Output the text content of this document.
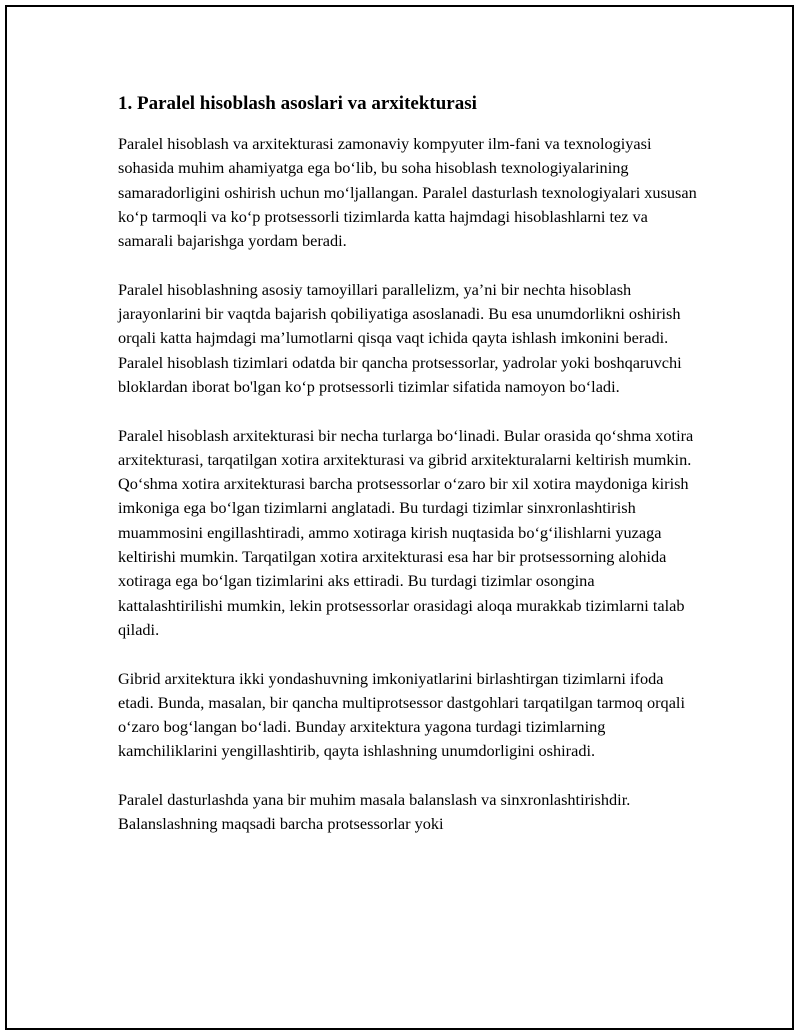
1. Paralel hisoblash asoslari va arxitekturasi

Paralel hisoblash va arxitekturasi zamonaviy kompyuter ilm-fani va texnologiyasi sohasida muhim ahamiyatga ega bo‘lib, bu soha hisoblash texnologiyalarining samaradorligini oshirish uchun mo‘ljallangan. Paralel dasturlash texnologiyalari xususan ko‘p tarmoqli va ko‘p protsessorli tizimlarda katta hajmdagi hisoblashlarni tez va samarali bajarishga yordam beradi.

Paralel hisoblashning asosiy tamoyillari parallelizm, ya’ni bir nechta hisoblash jarayonlarini bir vaqtda bajarish qobiliyatiga asoslanadi. Bu esa unumdorlikni oshirish orqali katta hajmdagi ma’lumotlarni qisqa vaqt ichida qayta ishlash imkonini beradi. Paralel hisoblash tizimlari odatda bir qancha protsessorlar, yadrolar yoki boshqaruvchi bloklardan iborat bo'lgan ko‘p protsessorli tizimlar sifatida namoyon bo‘ladi.

Paralel hisoblash arxitekturasi bir necha turlarga bo‘linadi. Bular orasida qo‘shma xotira arxitekturasi, tarqatilgan xotira arxitekturasi va gibrid arxitekturalarni keltirish mumkin. Qo‘shma xotira arxitekturasi barcha protsessorlar o‘zaro bir xil xotira maydoniga kirish imkoniga ega bo‘lgan tizimlarni anglatadi. Bu turdagi tizimlar sinxronlashtirish muammosini engillashtiradi, ammo xotiraga kirish nuqtasida bo‘g‘ilishlarni yuzaga keltirishi mumkin. Tarqatilgan xotira arxitekturasi esa har bir protsessorning alohida xotiraga ega bo‘lgan tizimlarini aks ettiradi. Bu turdagi tizimlar osongina kattalashtirilishi mumkin, lekin protsessorlar orasidagi aloqa murakkab tizimlarni talab qiladi.

Gibrid arxitektura ikki yondashuvning imkoniyatlarini birlashtirgan tizimlarni ifoda etadi. Bunda, masalan, bir qancha multiprotsessor dastgohlari tarqatilgan tarmoq orqali o‘zaro bog‘langan bo‘ladi. Bunday arxitektura yagona turdagi tizimlarning kamchiliklarini yengillashtirib, qayta ishlashning unumdorligini oshiradi.

Paralel dasturlashda yana bir muhim masala balanslash va sinxronlashtirishdir. Balanslashning maqsadi barcha protsessorlar yoki
